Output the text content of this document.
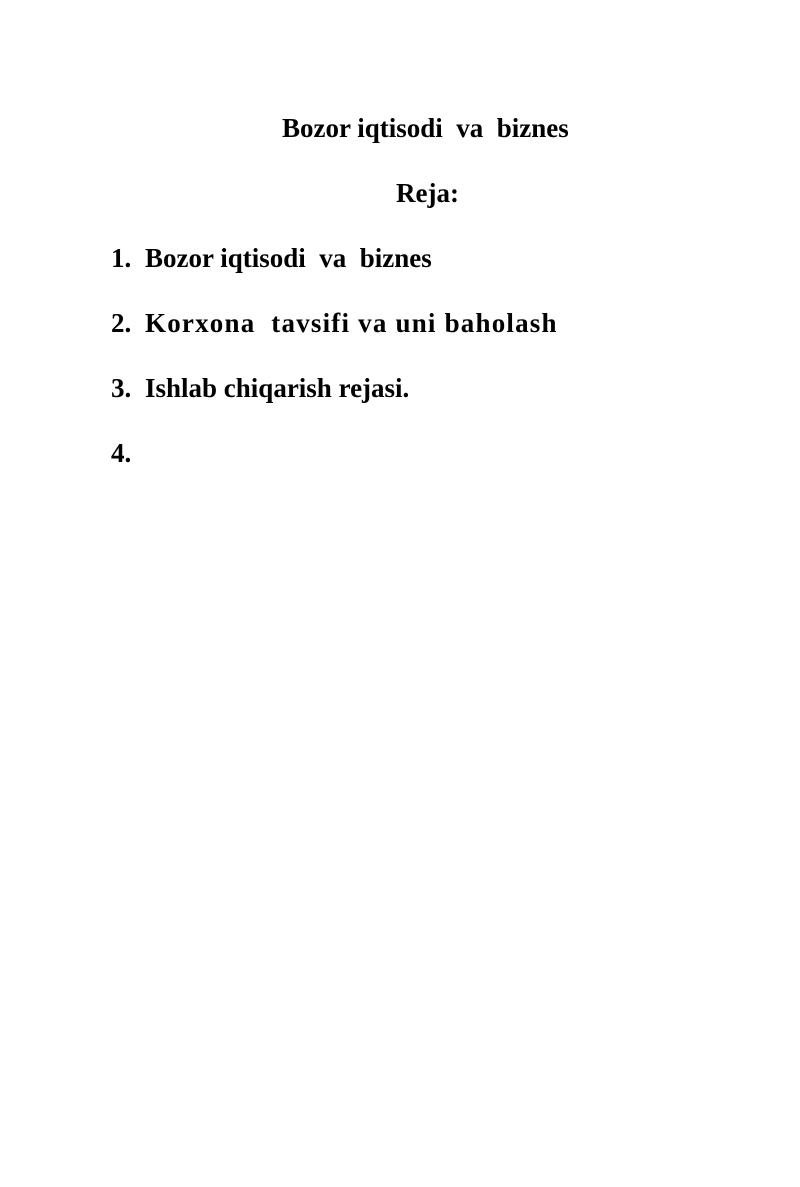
Bozor iqtisodi  va  biznes
Reja:
1. Bozor iqtisodi  va  biznes
2. Korxona  tavsifi va uni baholash
3. Ishlab chiqarish rejasi.
4.
